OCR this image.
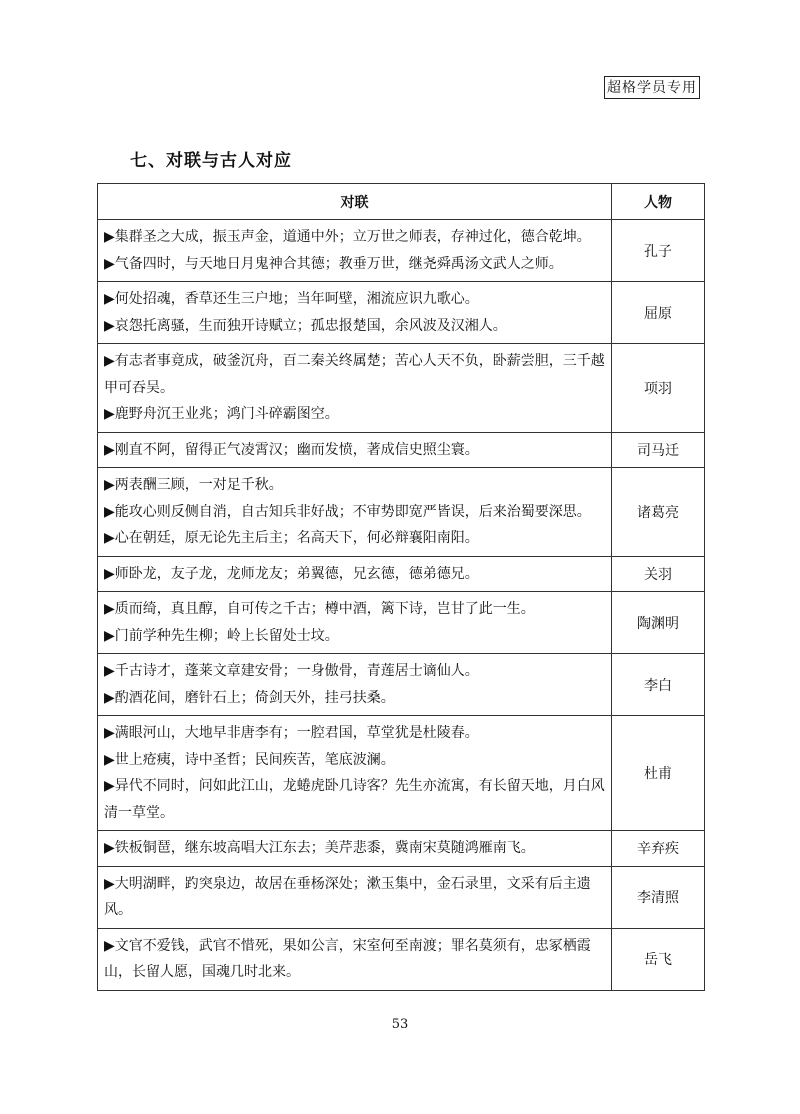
超格学员专用
七、对联与古人对应
对联	人物

▶集群圣之大成，振玉声金，道通中外；立万世之师表，存神过化，德合乾坤。
▶气备四时，与天地日月鬼神合其德；教垂万世，继尧舜禹汤文武人之师。	孔子

▶何处招魂，香草还生三户地；当年呵壁，湘流应识九歌心。
▶哀怨托离骚，生而独开诗赋立；孤忠报楚国，余风波及汉湘人。	屈原

▶有志者事竟成，破釜沉舟，百二秦关终属楚；苦心人天不负，卧薪尝胆，三千越甲可吞吴。
▶鹿野舟沉王业兆；鸿门斗碎霸图空。	项羽

▶刚直不阿，留得正气凌霄汉；幽而发愤，著成信史照尘寰。	司马迁

▶两表酬三顾，一对足千秋。
▶能攻心则反侧自消，自古知兵非好战；不审势即宽严皆误，后来治蜀要深思。
▶心在朝廷，原无论先主后主；名高天下，何必辩襄阳南阳。	诸葛亮

▶师卧龙，友子龙，龙师龙友；弟翼德，兄玄德，德弟德兄。	关羽

▶质而绮，真且醇，自可传之千古；樽中酒，篱下诗，岂甘了此一生。
▶门前学种先生柳；岭上长留处士坟。	陶渊明

▶千古诗才，蓬莱文章建安骨；一身傲骨，青莲居士谪仙人。
▶酌酒花间，磨针石上；倚剑天外，挂弓扶桑。	李白

▶满眼河山，大地早非唐李有；一腔君国，草堂犹是杜陵春。
▶世上疮痍，诗中圣哲；民间疾苦，笔底波澜。
▶异代不同时，问如此江山，龙蜷虎卧几诗客？先生亦流寓，有长留天地，月白风清一草堂。	杜甫

▶铁板铜琶，继东坡高唱大江东去；美芹悲黍，冀南宋莫随鸿雁南飞。	辛弃疾

▶大明湖畔，趵突泉边，故居在垂杨深处；漱玉集中，金石录里，文采有后主遗风。	李清照

▶文官不爱钱，武官不惜死，果如公言，宋室何至南渡；罪名莫须有，忠冢栖霞山，长留人愿，国魂几时北来。	岳飞
53
